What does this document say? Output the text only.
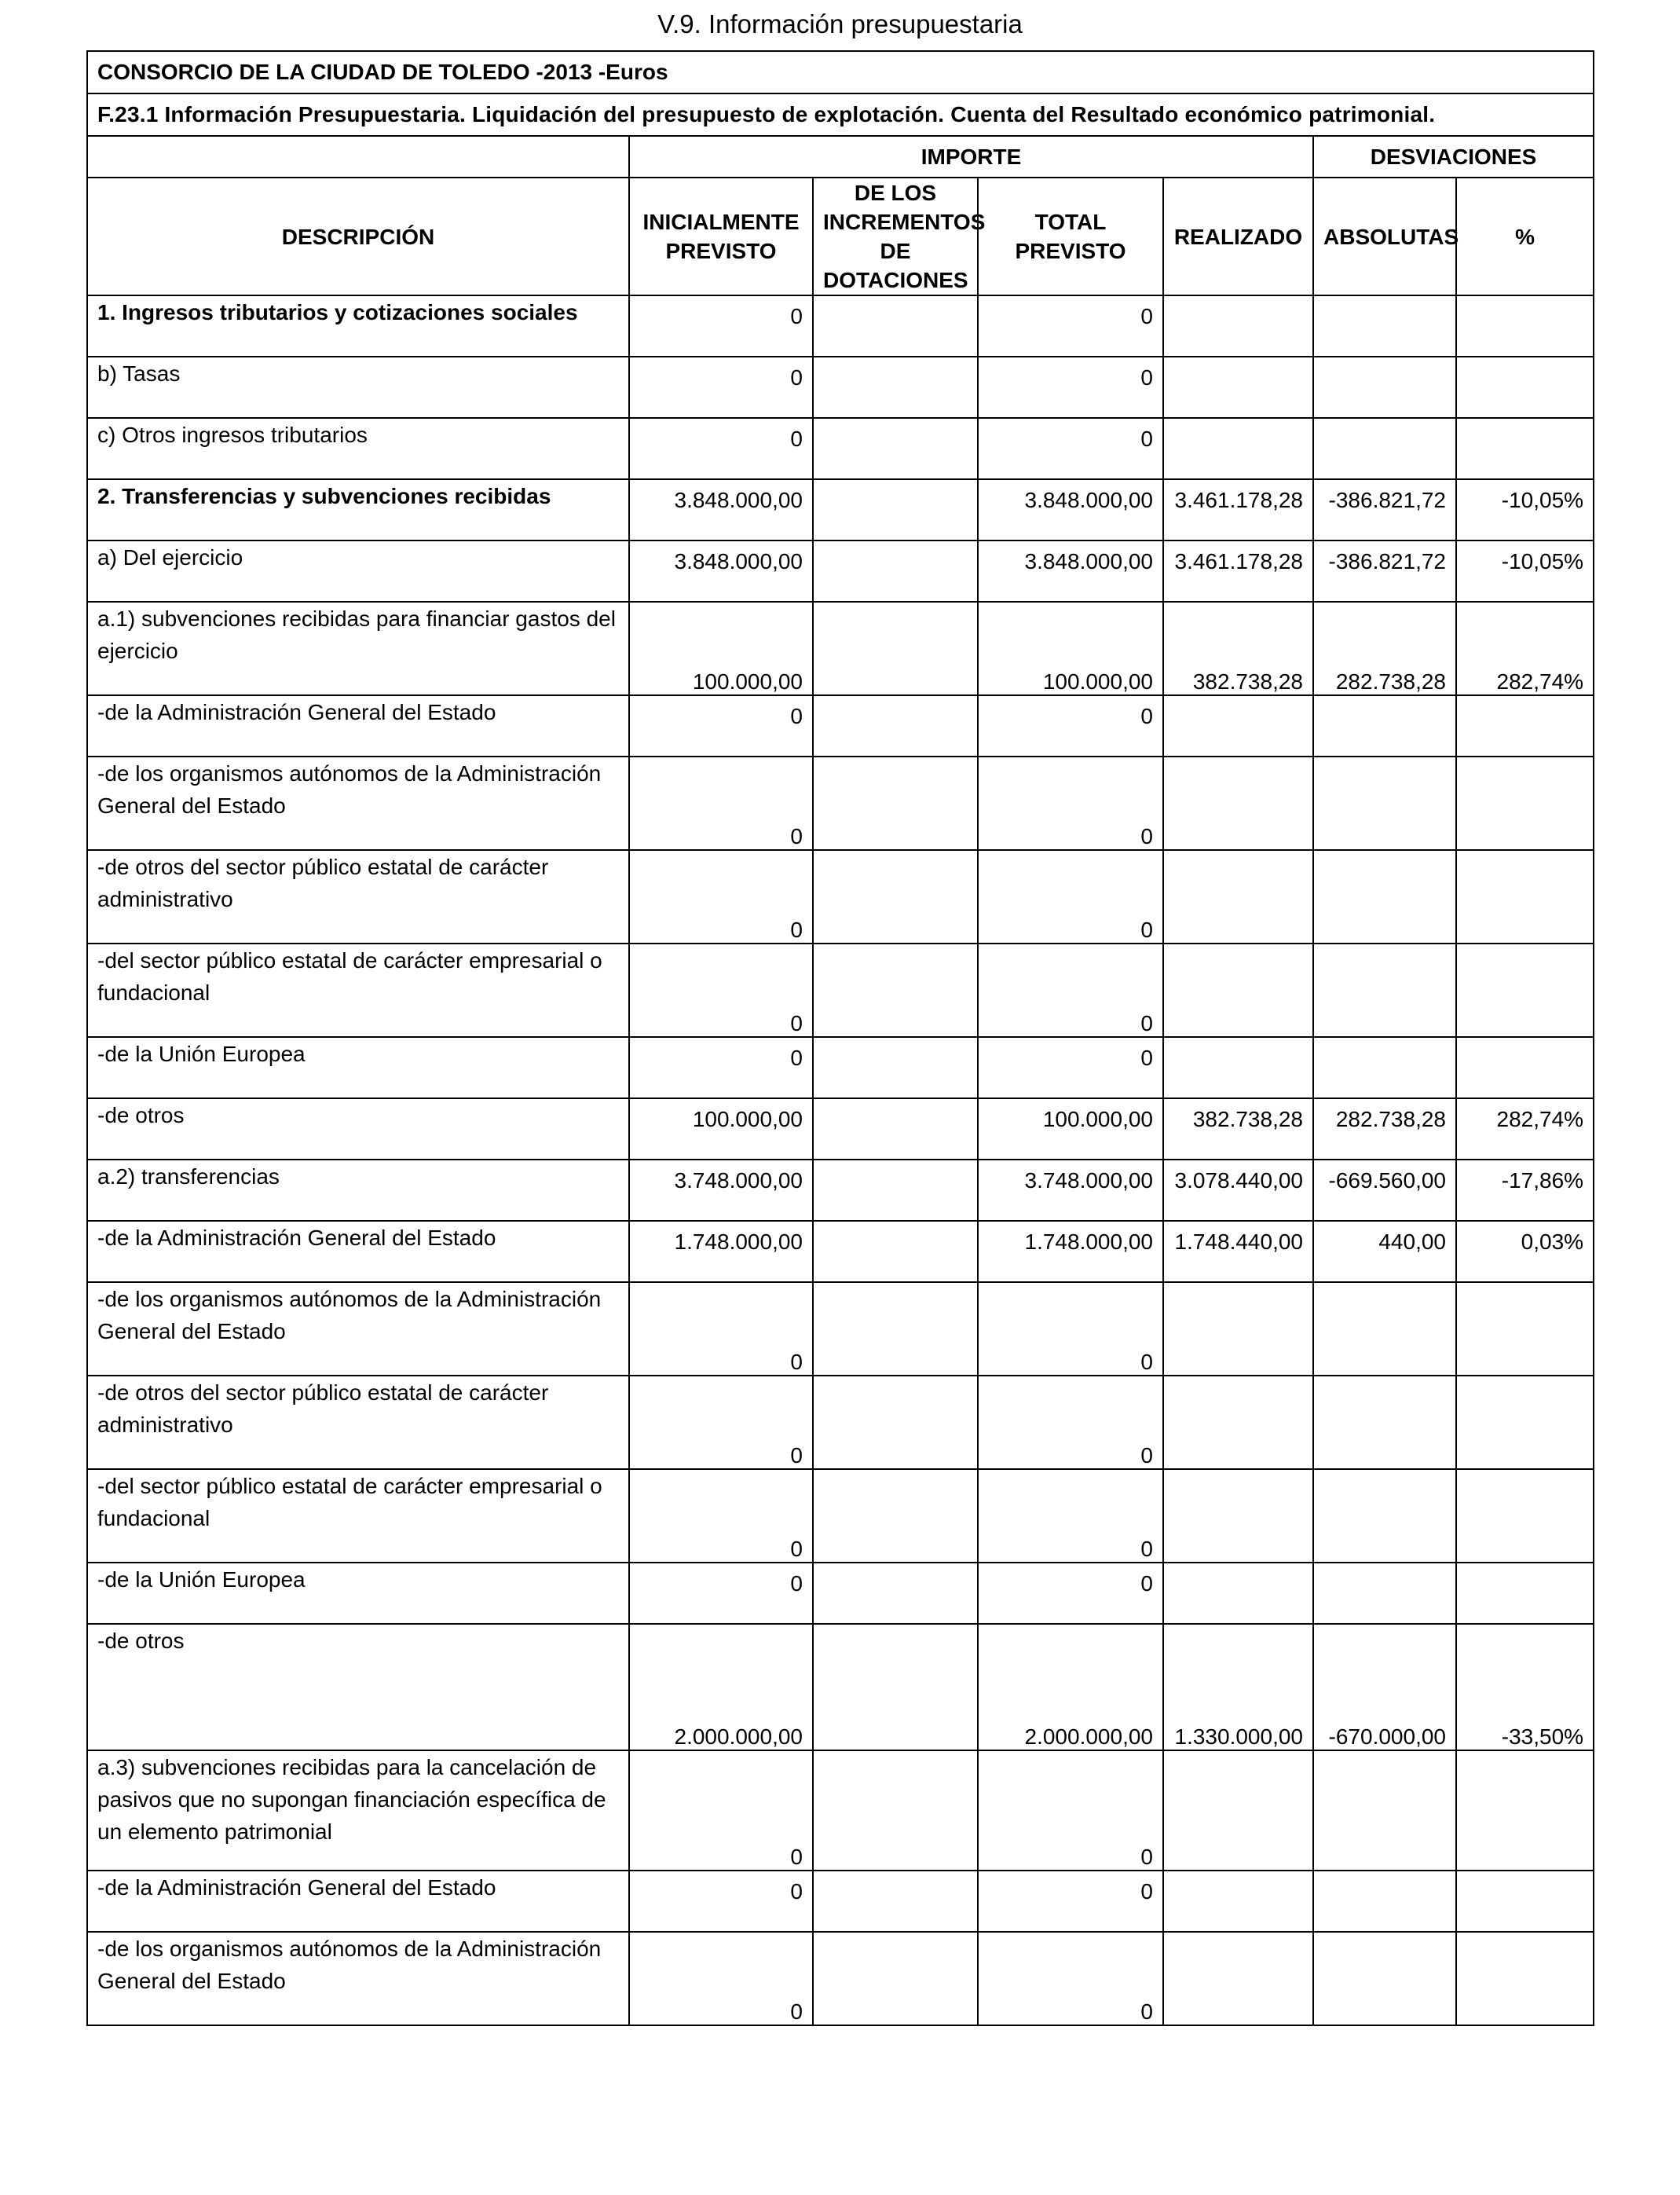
V.9. Información presupuestaria
CONSORCIO DE LA CIUDAD DE TOLEDO -2013 -Euros						
F.23.1 Información Presupuestaria. Liquidación del presupuesto de explotación. Cuenta del Resultado económico patrimonial.						
	IMPORTE				DESVIACIONES	
DESCRIPCIÓN	INICIALMENTE PREVISTO	DE LOS INCREMENTOS DE DOTACIONES	TOTAL PREVISTO	REALIZADO	ABSOLUTAS	%
1. Ingresos tributarios y cotizaciones sociales	0		0			
b) Tasas	0		0			
c) Otros ingresos tributarios	0		0			
2. Transferencias y subvenciones recibidas	3.848.000,00		3.848.000,00	3.461.178,28	-386.821,72	-10,05%
a) Del ejercicio	3.848.000,00		3.848.000,00	3.461.178,28	-386.821,72	-10,05%
a.1) subvenciones recibidas para financiar gastos del ejercicio	100.000,00		100.000,00	382.738,28	282.738,28	282,74%
-de la Administración General del Estado	0		0			
-de los organismos autónomos de la Administración General del Estado	0		0			
-de otros del sector público estatal de carácter administrativo	0		0			
-del sector público estatal de carácter empresarial o fundacional	0		0			
-de la Unión Europea	0		0			
-de otros	100.000,00		100.000,00	382.738,28	282.738,28	282,74%
a.2) transferencias	3.748.000,00		3.748.000,00	3.078.440,00	-669.560,00	-17,86%
-de la Administración General del Estado	1.748.000,00		1.748.000,00	1.748.440,00	440,00	0,03%
-de los organismos autónomos de la Administración General del Estado	0		0			
-de otros del sector público estatal de carácter administrativo	0		0			
-del sector público estatal de carácter empresarial o fundacional	0		0			
-de la Unión Europea	0		0			
-de otros	2.000.000,00		2.000.000,00	1.330.000,00	-670.000,00	-33,50%
a.3) subvenciones recibidas para la cancelación de pasivos que no supongan financiación específica de un elemento patrimonial	0		0			
-de la Administración General del Estado	0		0			
-de los organismos autónomos de la Administración General del Estado	0		0			
